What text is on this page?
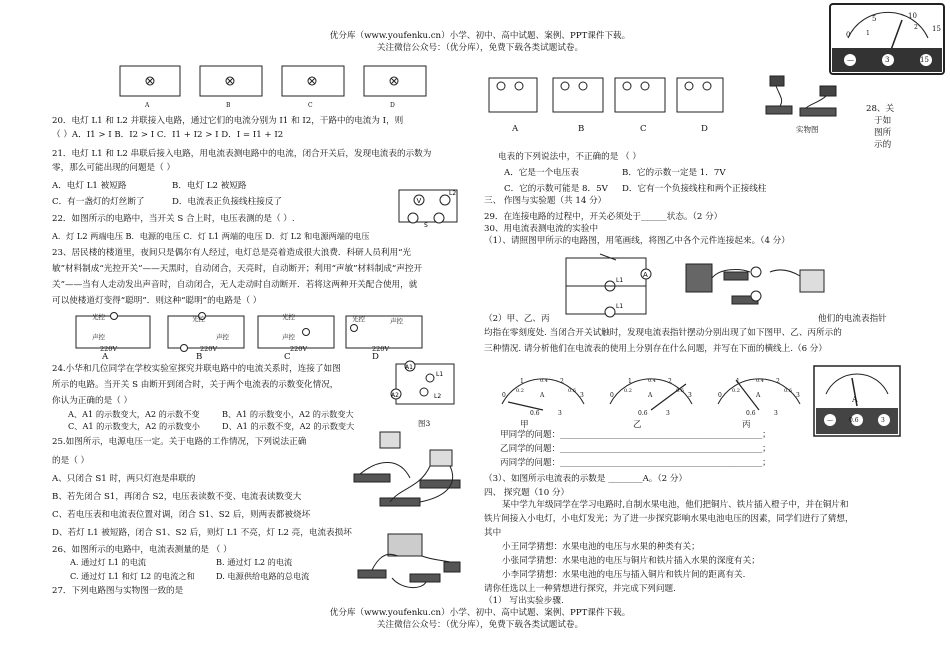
优分库（www.youfenku.cn）小学、初中、高中试题、案例、PPT课件下载。
关注微信公众号：（优分库），免费下载各类试题试卷。
优分库（www.youfenku.cn）小学、初中、高中试题、案例、PPT课件下载。
关注微信公众号：（优分库），免费下载各类试题试卷。
A	B	C	D
20．电灯 L1 和 L2 并联接入电路，通过它们的电流分别为 I1 和 I2，干路中的电流为 I，则
（ ）A．I1 > I B．I2 > I C．I1 + I2 > I D．I = I1 + I2
21．电灯 L1 和 L2 串联后接入电路，用电流表测电路中的电流，闭合开关后，发现电流表的示数为
零，那么可能出现的问题是（ ）
A．电灯 L1 被短路	B．电灯 L2 被短路
C．有一盏灯的灯丝断了	D．电流表正负接线柱接反了	V
L2
S
22．如图所示的电路中，当开关 S 合上时，电压表测的是（ ）.
A．灯 L2 两端电压 B．电源的电压 C．灯 L1 两端的电压 D．灯 L2 和电源两端的电压
23、居民楼的楼道里，夜间只是偶尔有人经过，电灯总是亮着造成很大浪费．科研人员利用“光
敏”材料制成“光控开关”——天黑时，自动闭合，天亮时，自动断开；利用“声敏”材料制成“声控开
关”——当有人走动发出声音时，自动闭合，无人走动时自动断开．若将这两种开关配合使用，就
可以使楼道灯变得“聪明”．则这种“聪明”的电路是（ ）
光控
声控
220V
光控
声控
220V
光控
声控
220V
光控	声控
220V
A	B	C	D
24.小华和几位同学在学校实验室探究并联电路中的电流关系时，连接了如图
所示的电路。当开关 S 由断开到闭合时，关于两个电流表的示数变化情况，
你认为正确的是（ ）
A、A1 的示数变大，A2 的示数不变	B、A1 的示数变小，A2 的示数变大
C、A1 的示数变大，A2 的示数变小	D、A1 的示数不变，A2 的示数变大
A1
A2
L1
L2
图3
25.如图所示，电源电压一定。关于电路的工作情况，下列说法正确
的是（ ）
A、只闭合 S1 时，两只灯泡是串联的
B、若先闭合 S1，再闭合 S2，电压表读数不变、电流表读数变大
C、若电压表和电流表位置对调，闭合 S1、S2 后，则两表都被烧坏
D、若灯 L1 被短路，闭合 S1、S2 后，则灯 L1 不亮，灯 L2 亮，电流表损坏
26、如图所示的电路中，电流表测量的是 （ ）
A. 通过灯 L1 的电流	B. 通过灯 L2 的电流
C. 通过灯 L1 和灯 L2 的电流之和	D. 电源供给电路的总电流
27．下列电路图与实物图一致的是
A	B	C	D	实物图
0
5	10
15
1
2
—	3	15
28、关
于如
图所
示的
电表的下列说法中，不正确的是 （ ）
A．它是一个电压表	B．它的示数一定是 1．7V
C．它的示数可能是 8．5V D．它有一个负接线柱和两个正接线柱
三、 作图与实验题（共 14 分）
29．在连接电路的过程中，开关必须处于______状态。（2 分）
30、用电流表测电流的实验中
（1）、请照图甲所示的电路图，用笔画线，将图乙中各个元件连接起来。（4 分）
A
L1
L1
（2）甲、乙、丙	他们的电流表指针
均指在零刻度处. 当闭合开关试触时，发现电流表指针摆动分别出现了如下图甲、乙、丙所示的
三种情况. 请分析他们在电流表的使用上分别存在什么问题，并写在下面的横线上.（6 分）
0
1	2
3
0.2
0.4
0.6
A
0.6	3
0
1	2
3
0.2
0.4
0.6
A
0.6	3
0
1	2
3
0.2
0.4
0.6
A
0.6	3
甲	乙	丙
A
—	0.6	3
甲同学的问题：_______________________________________________；
乙同学的问题：_______________________________________________；
丙同学的问题：_______________________________________________；
（3）、如图所示电流表的示数是 ________A。（2 分）
四、 探究题（10 分）
某中学九年级同学在学习电路时,自制水果电池，他们把铜片、铁片插入橙子中，并在铜片和
铁片间接入小电灯，小电灯发光；为了进一步探究影响水果电池电压的因素，同学们进行了猜想，
其中
小王同学猜想：水果电池的电压与水果的种类有关；
小张同学猜想：水果电池的电压与铜片和铁片插入水果的深度有关；
小李同学猜想：水果电池的电压与插入铜片和铁片间的距离有关.
请你任选以上一种猜想进行探究，并完成下列问题.
（1） 写出实验步骤.
